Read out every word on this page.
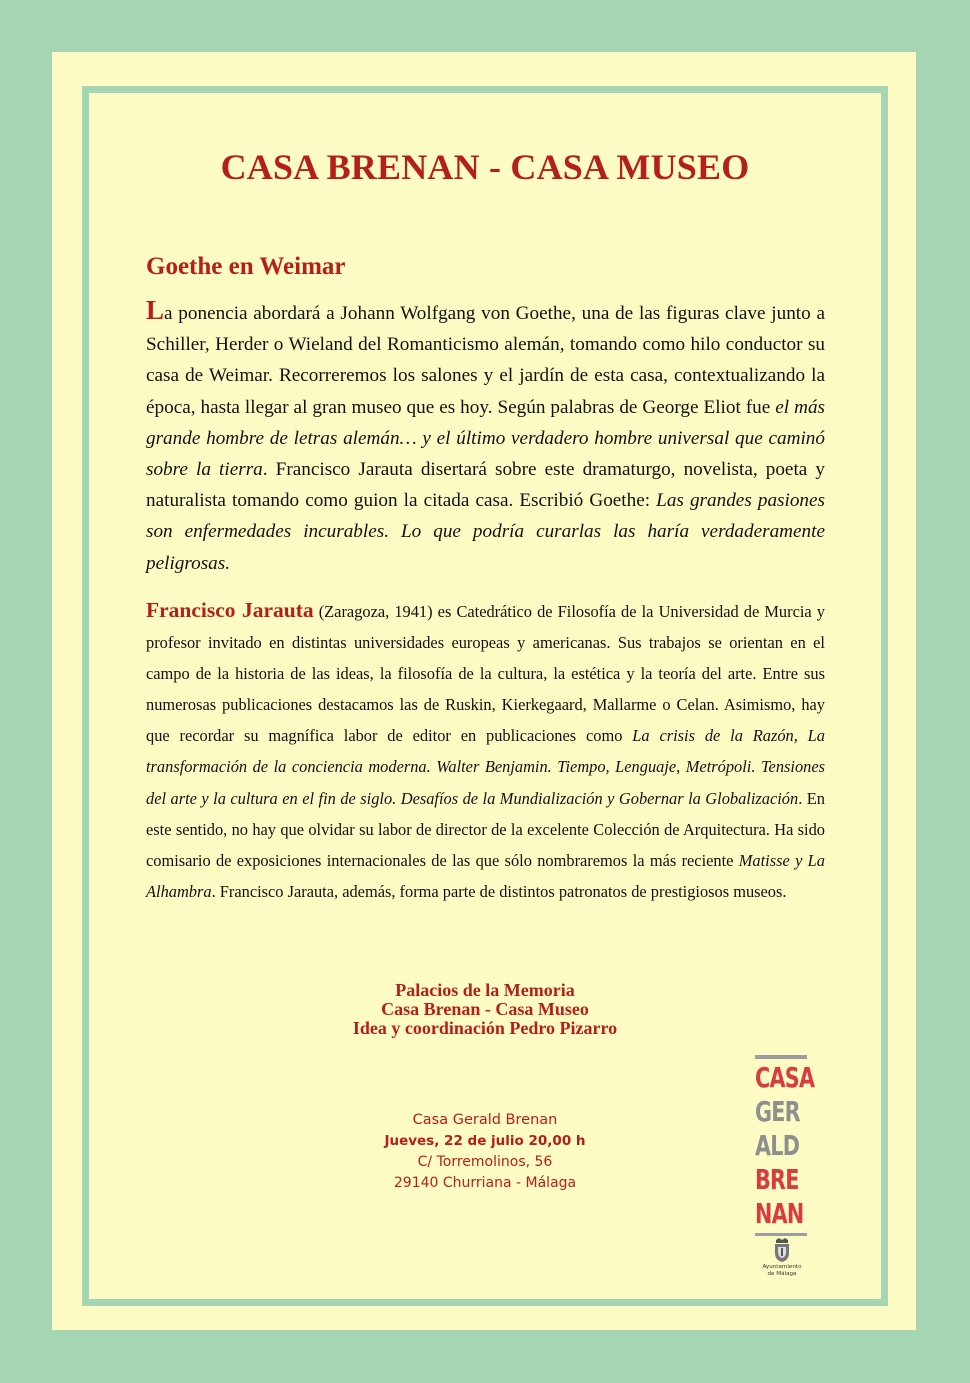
CASA BRENAN - CASA MUSEO
Goethe en Weimar

La ponencia abordará a Johann Wolfgang von Goethe, una de las figuras clave junto a Schiller, Herder o Wieland del Romanticismo alemán, tomando como hilo conductor su casa de Weimar. Recorreremos los salones y el jardín de esta casa, contextualizando la época, hasta llegar al gran museo que es hoy. Según palabras de George Eliot fue el más grande hombre de letras alemán… y el último verdadero hombre universal que caminó sobre la tierra. Francisco Jarauta disertará sobre este dramaturgo, novelista, poeta y naturalista tomando como guion la citada casa. Escribió Goethe: Las grandes pasiones son enfermedades incurables. Lo que podría curarlas las haría verdaderamente peligrosas.

Francisco Jarauta (Zaragoza, 1941) es Catedrático de Filosofía de la Universidad de Murcia y profesor invitado en distintas universidades europeas y americanas. Sus trabajos se orientan en el campo de la historia de las ideas, la filosofía de la cultura, la estética y la teoría del arte. Entre sus numerosas publicaciones destacamos las de Ruskin, Kierkegaard, Mallarme o Celan. Asimismo, hay que recordar su magnífica labor de editor en publicaciones como La crisis de la Razón, La transformación de la conciencia moderna. Walter Benjamin. Tiempo, Lenguaje, Metrópoli. Tensiones del arte y la cultura en el fin de siglo. Desafíos de la Mundialización y Gobernar la Globalización. En este sentido, no hay que olvidar su labor de director de la excelente Colección de Arquitectura. Ha sido comisario de exposiciones internacionales de las que sólo nombraremos la más reciente Matisse y La Alhambra. Francisco Jarauta, además, forma parte de distintos patronatos de prestigiosos museos.

Palacios de la Memoria
Casa Brenan - Casa Museo
Idea y coordinación Pedro Pizarro
Casa Gerald Brenan
Jueves, 22 de julio 20,00 h
C/ Torremolinos, 56
29140 Churriana - Málaga
CASA
GER
ALD
BRE
NAN
Ayuntamiento
de Málaga
